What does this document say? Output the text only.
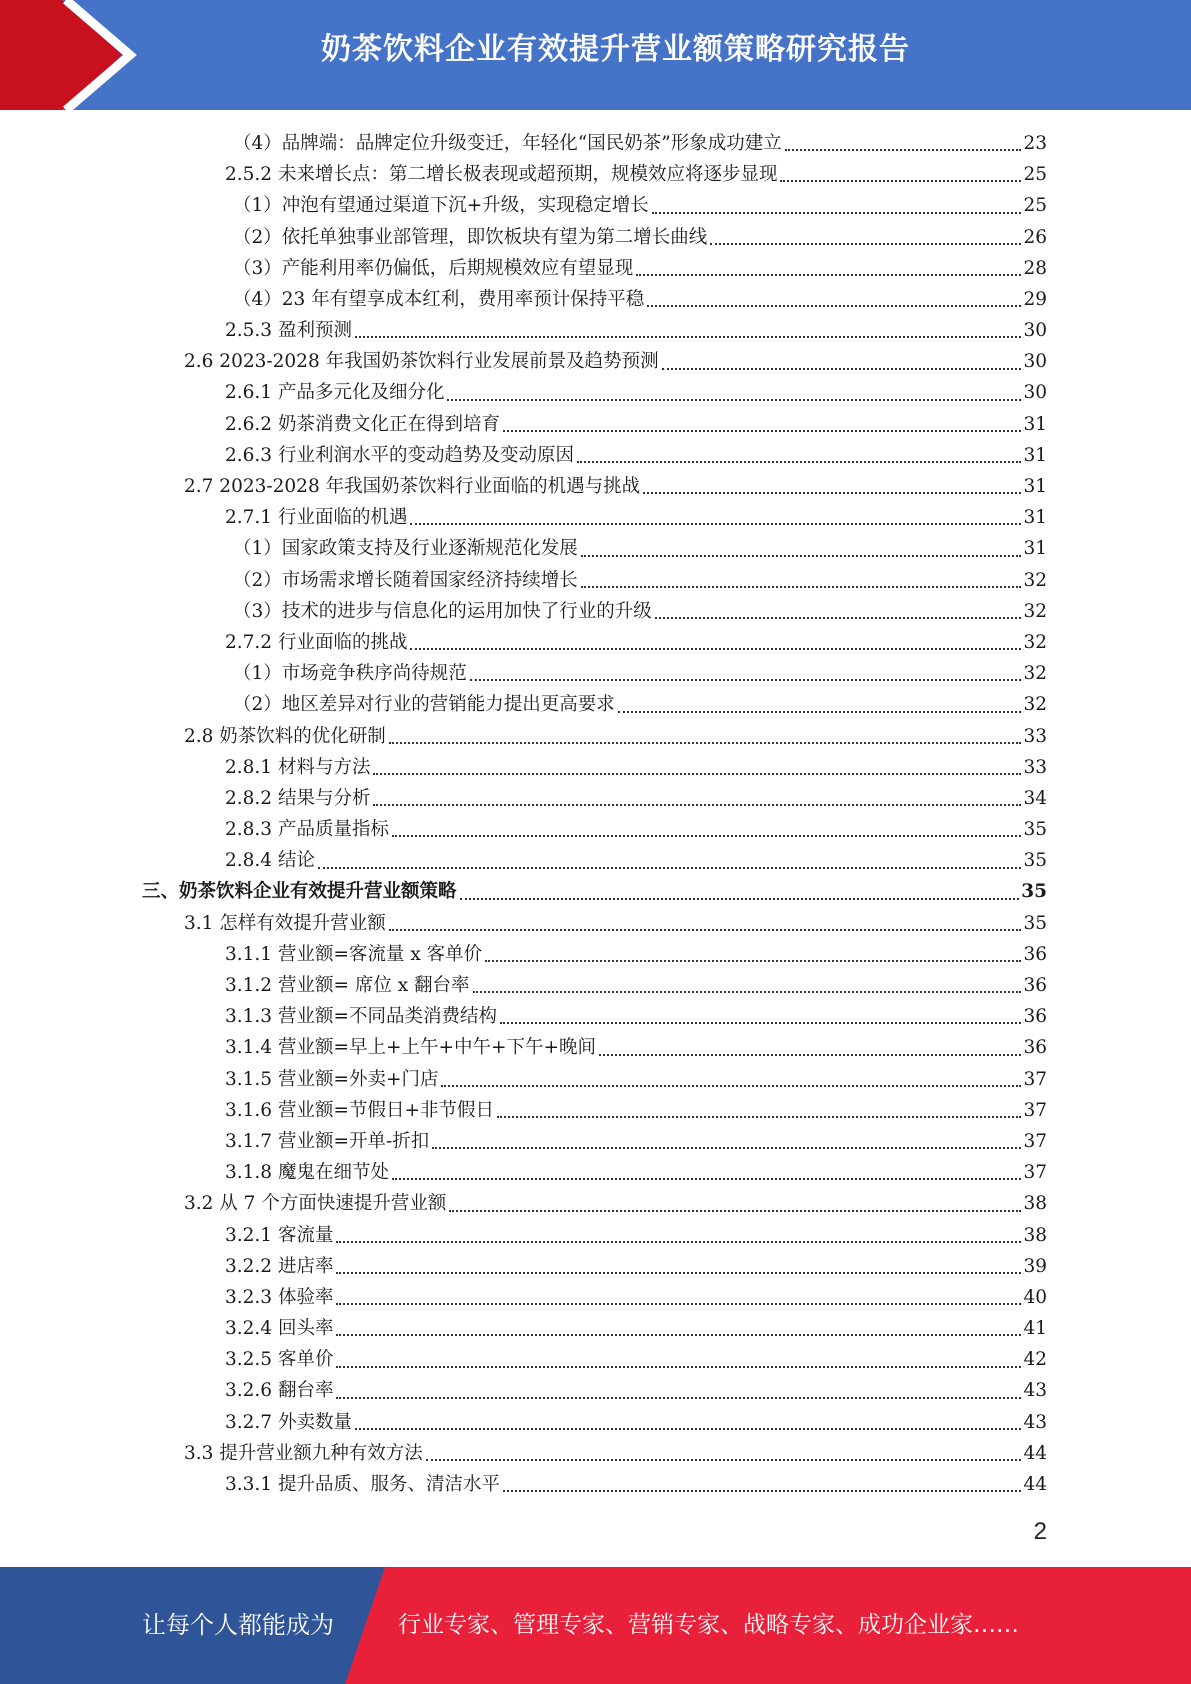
奶茶饮料企业有效提升营业额策略研究报告
（4）品牌端：品牌定位升级变迁，年轻化“国民奶茶”形象成功建立	23
2.5.2 未来增长点：第二增长极表现或超预期，规模效应将逐步显现	25
（1）冲泡有望通过渠道下沉+升级，实现稳定增长	25
（2）依托单独事业部管理，即饮板块有望为第二增长曲线	26
（3）产能利用率仍偏低，后期规模效应有望显现	28
（4）23 年有望享成本红利，费用率预计保持平稳	29
2.5.3 盈利预测	30
2.6 2023-2028 年我国奶茶饮料行业发展前景及趋势预测	30
2.6.1 产品多元化及细分化	30
2.6.2 奶茶消费文化正在得到培育	31
2.6.3 行业利润水平的变动趋势及变动原因	31
2.7 2023-2028 年我国奶茶饮料行业面临的机遇与挑战	31
2.7.1 行业面临的机遇	31
（1）国家政策支持及行业逐渐规范化发展	31
（2）市场需求增长随着国家经济持续增长	32
（3）技术的进步与信息化的运用加快了行业的升级	32
2.7.2 行业面临的挑战	32
（1）市场竞争秩序尚待规范	32
（2）地区差异对行业的营销能力提出更高要求	32
2.8 奶茶饮料的优化研制	33
2.8.1 材料与方法	33
2.8.2 结果与分析	34
2.8.3 产品质量指标	35
2.8.4 结论	35
三、奶茶饮料企业有效提升营业额策略	35
3.1 怎样有效提升营业额	35
3.1.1 营业额=客流量 x 客单价	36
3.1.2 营业额= 席位 x 翻台率	36
3.1.3 营业额=不同品类消费结构	36
3.1.4 营业额=早上+上午+中午+下午+晚间	36
3.1.5 营业额=外卖+门店	37
3.1.6 营业额=节假日+非节假日	37
3.1.7 营业额=开单-折扣	37
3.1.8 魔鬼在细节处	37
3.2 从 7 个方面快速提升营业额	38
3.2.1 客流量	38
3.2.2 进店率	39
3.2.3 体验率	40
3.2.4 回头率	41
3.2.5 客单价	42
3.2.6 翻台率	43
3.2.7 外卖数量	43
3.3 提升营业额九种有效方法	44
3.3.1 提升品质、服务、清洁水平	44
2
让每个人都能成为	行业专家、管理专家、营销专家、战略专家、成功企业家……
